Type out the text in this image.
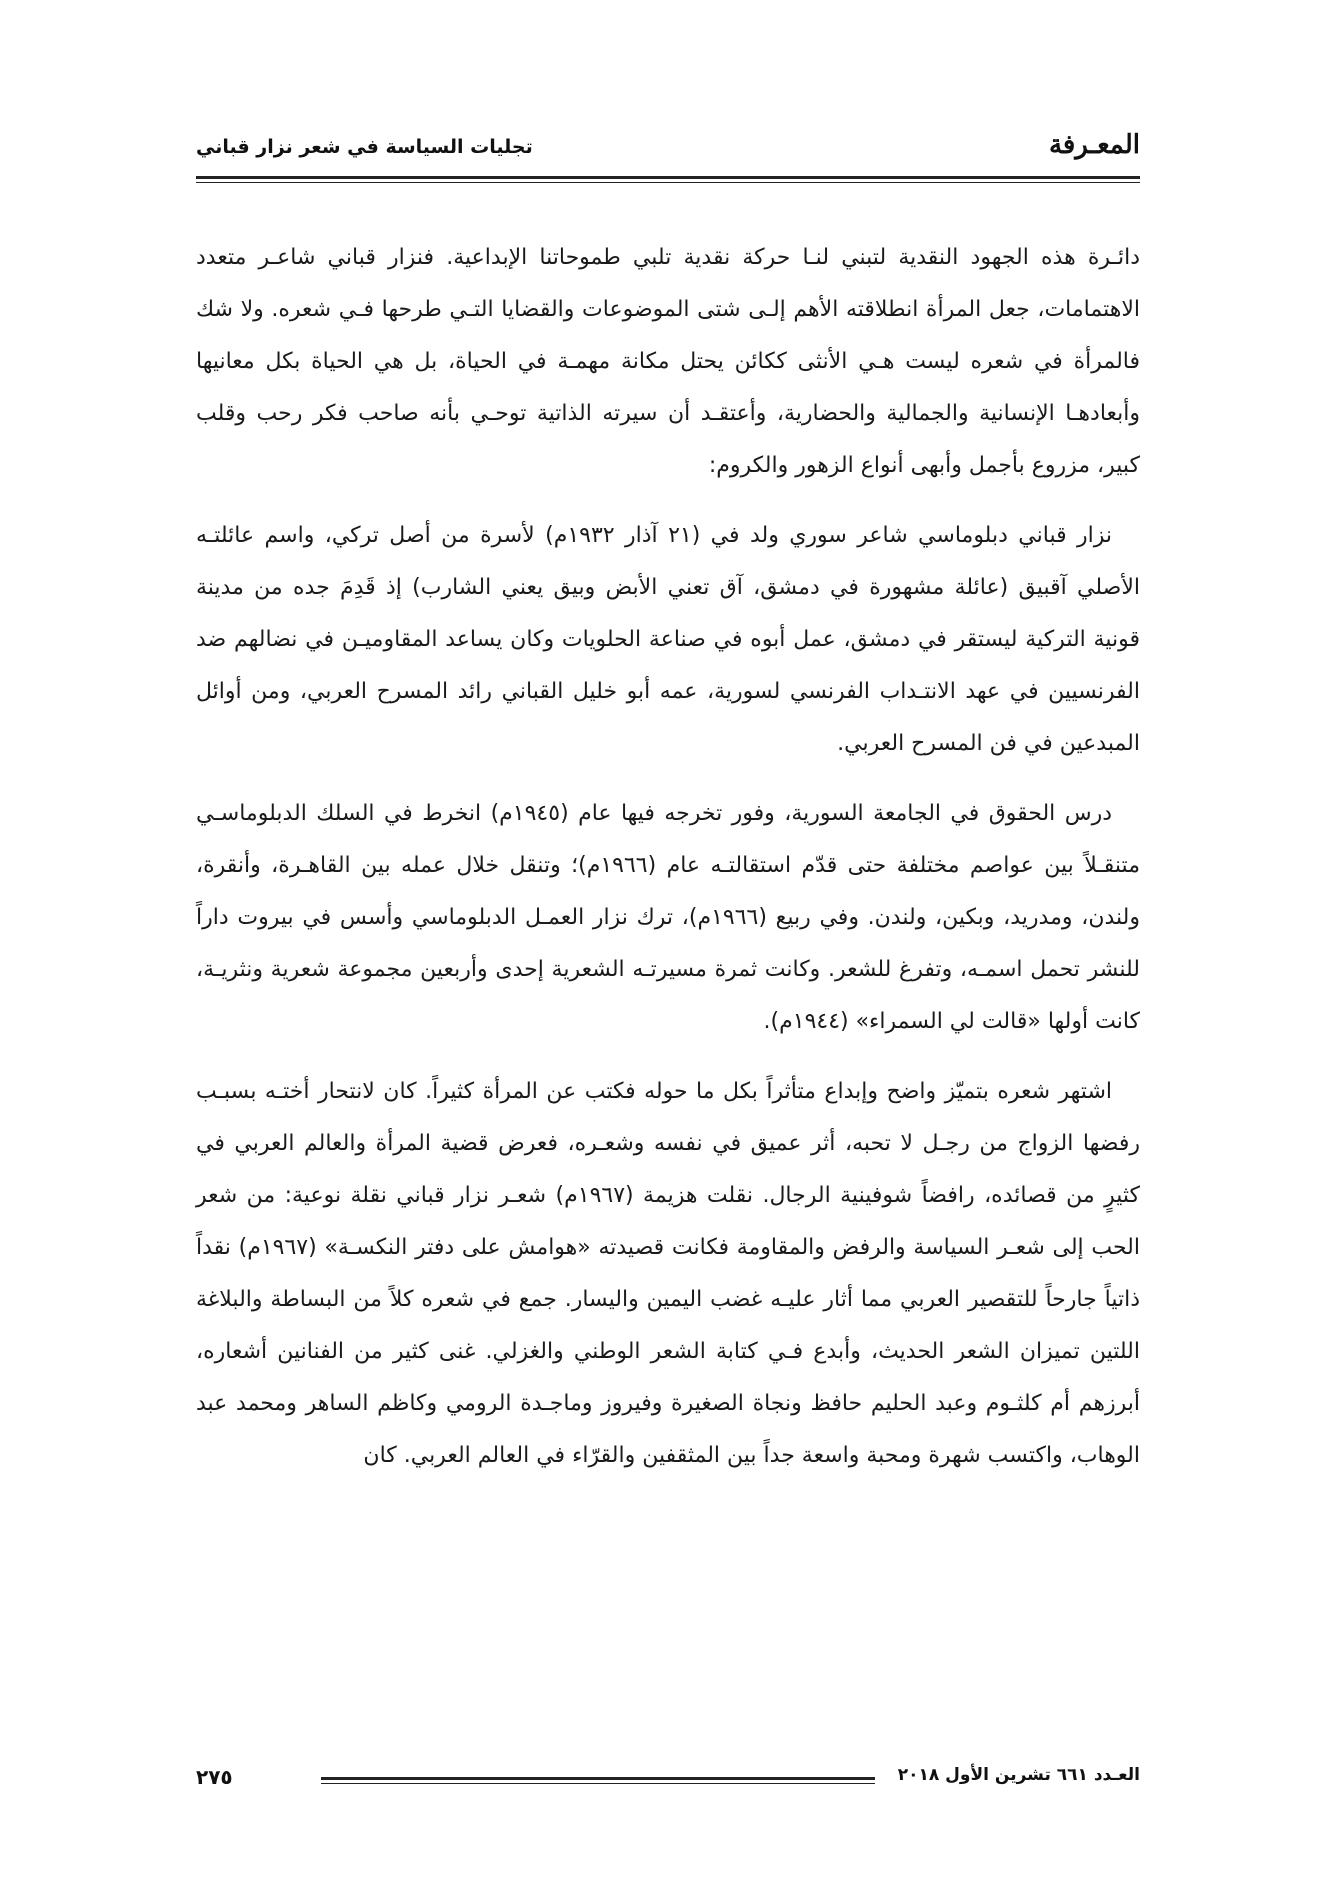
المعـرفة
تجليات السياسة في شعر نزار قباني

دائـرة هذه الجهود النقدية لتبني لنـا حركة نقدية تلبي طموحاتنا الإبداعية. فنزار قباني شاعـر متعدد الاهتمامات، جعل المرأة انطلاقته الأهم إلـى شتى الموضوعات والقضايا التـي طرحها فـي شعره. ولا شك فالمرأة في شعره ليست هـي الأنثى ككائن يحتل مكانة مهمـة في الحياة، بل هي الحياة بكل معانيها وأبعادهـا الإنسانية والجمالية والحضارية، وأعتقـد أن سيرته الذاتية توحـي بأنه صاحب فكر رحب وقلب كبير، مزروع بأجمل وأبهى أنواع الزهور والكروم:

نزار قباني دبلوماسي شاعر سوري ولد في (٢١ آذار ١٩٣٢م) لأسرة من أصل تركي، واسم عائلتـه الأصلي آقبيق (عائلة مشهورة في دمشق، آق تعني الأبض وبيق يعني الشارب) إذ قَدِمَ جده من مدينة قونية التركية ليستقر في دمشق، عمل أبوه في صناعة الحلويات وكان يساعد المقاوميـن في نضالهم ضد الفرنسيين في عهد الانتـداب الفرنسي لسورية، عمه أبو خليل القباني رائد المسرح العربي، ومن أوائل المبدعين في فن المسرح العربي.

درس الحقوق في الجامعة السورية، وفور تخرجه فيها عام (١٩٤٥م) انخرط في السلك الدبلوماسـي متنقـلاً بين عواصم مختلفة حتى قدّم استقالتـه عام (١٩٦٦م)؛ وتنقل خلال عمله بين القاهـرة، وأنقرة، ولندن، ومدريد، وبكين، ولندن. وفي ربيع (١٩٦٦م)، ترك نزار العمـل الدبلوماسي وأسس في بيروت داراً للنشر تحمل اسمـه، وتفرغ للشعر. وكانت ثمرة مسيرتـه الشعرية إحدى وأربعين مجموعة شعرية ونثريـة، كانت أولها «قالت لي السمراء» (١٩٤٤م).

اشتهر شعره بتميّز واضح وإبداع متأثراً بكل ما حوله فكتب عن المرأة كثيراً. كان لانتحار أختـه بسبـب رفضها الزواج من رجـل لا تحبه، أثر عميق في نفسه وشعـره، فعرض قضية المرأة والعالم العربي في كثيرٍ من قصائده، رافضاً شوفينية الرجال. نقلت هزيمة (١٩٦٧م) شعـر نزار قباني نقلة نوعية: من شعر الحب إلى شعـر السياسة والرفض والمقاومة فكانت قصيدته «هوامش على دفتر النكسـة» (١٩٦٧م) نقداً ذاتياً جارحاً للتقصير العربي مما أثار عليـه غضب اليمين واليسار. جمع في شعره كلاً من البساطة والبلاغة اللتين تميزان الشعر الحديث، وأبدع فـي كتابة الشعر الوطني والغزلي. غنى كثير من الفنانين أشعاره، أبرزهم أم كلثـوم وعبد الحليم حافظ ونجاة الصغيرة وفيروز وماجـدة الرومي وكاظم الساهر ومحمد عبد الوهاب، واكتسب شهرة ومحبة واسعة جداً بين المثقفين والقرّاء في العالم العربي. كان

العـدد ٦٦١ تشرين الأول ٢٠١٨
٢٧٥
